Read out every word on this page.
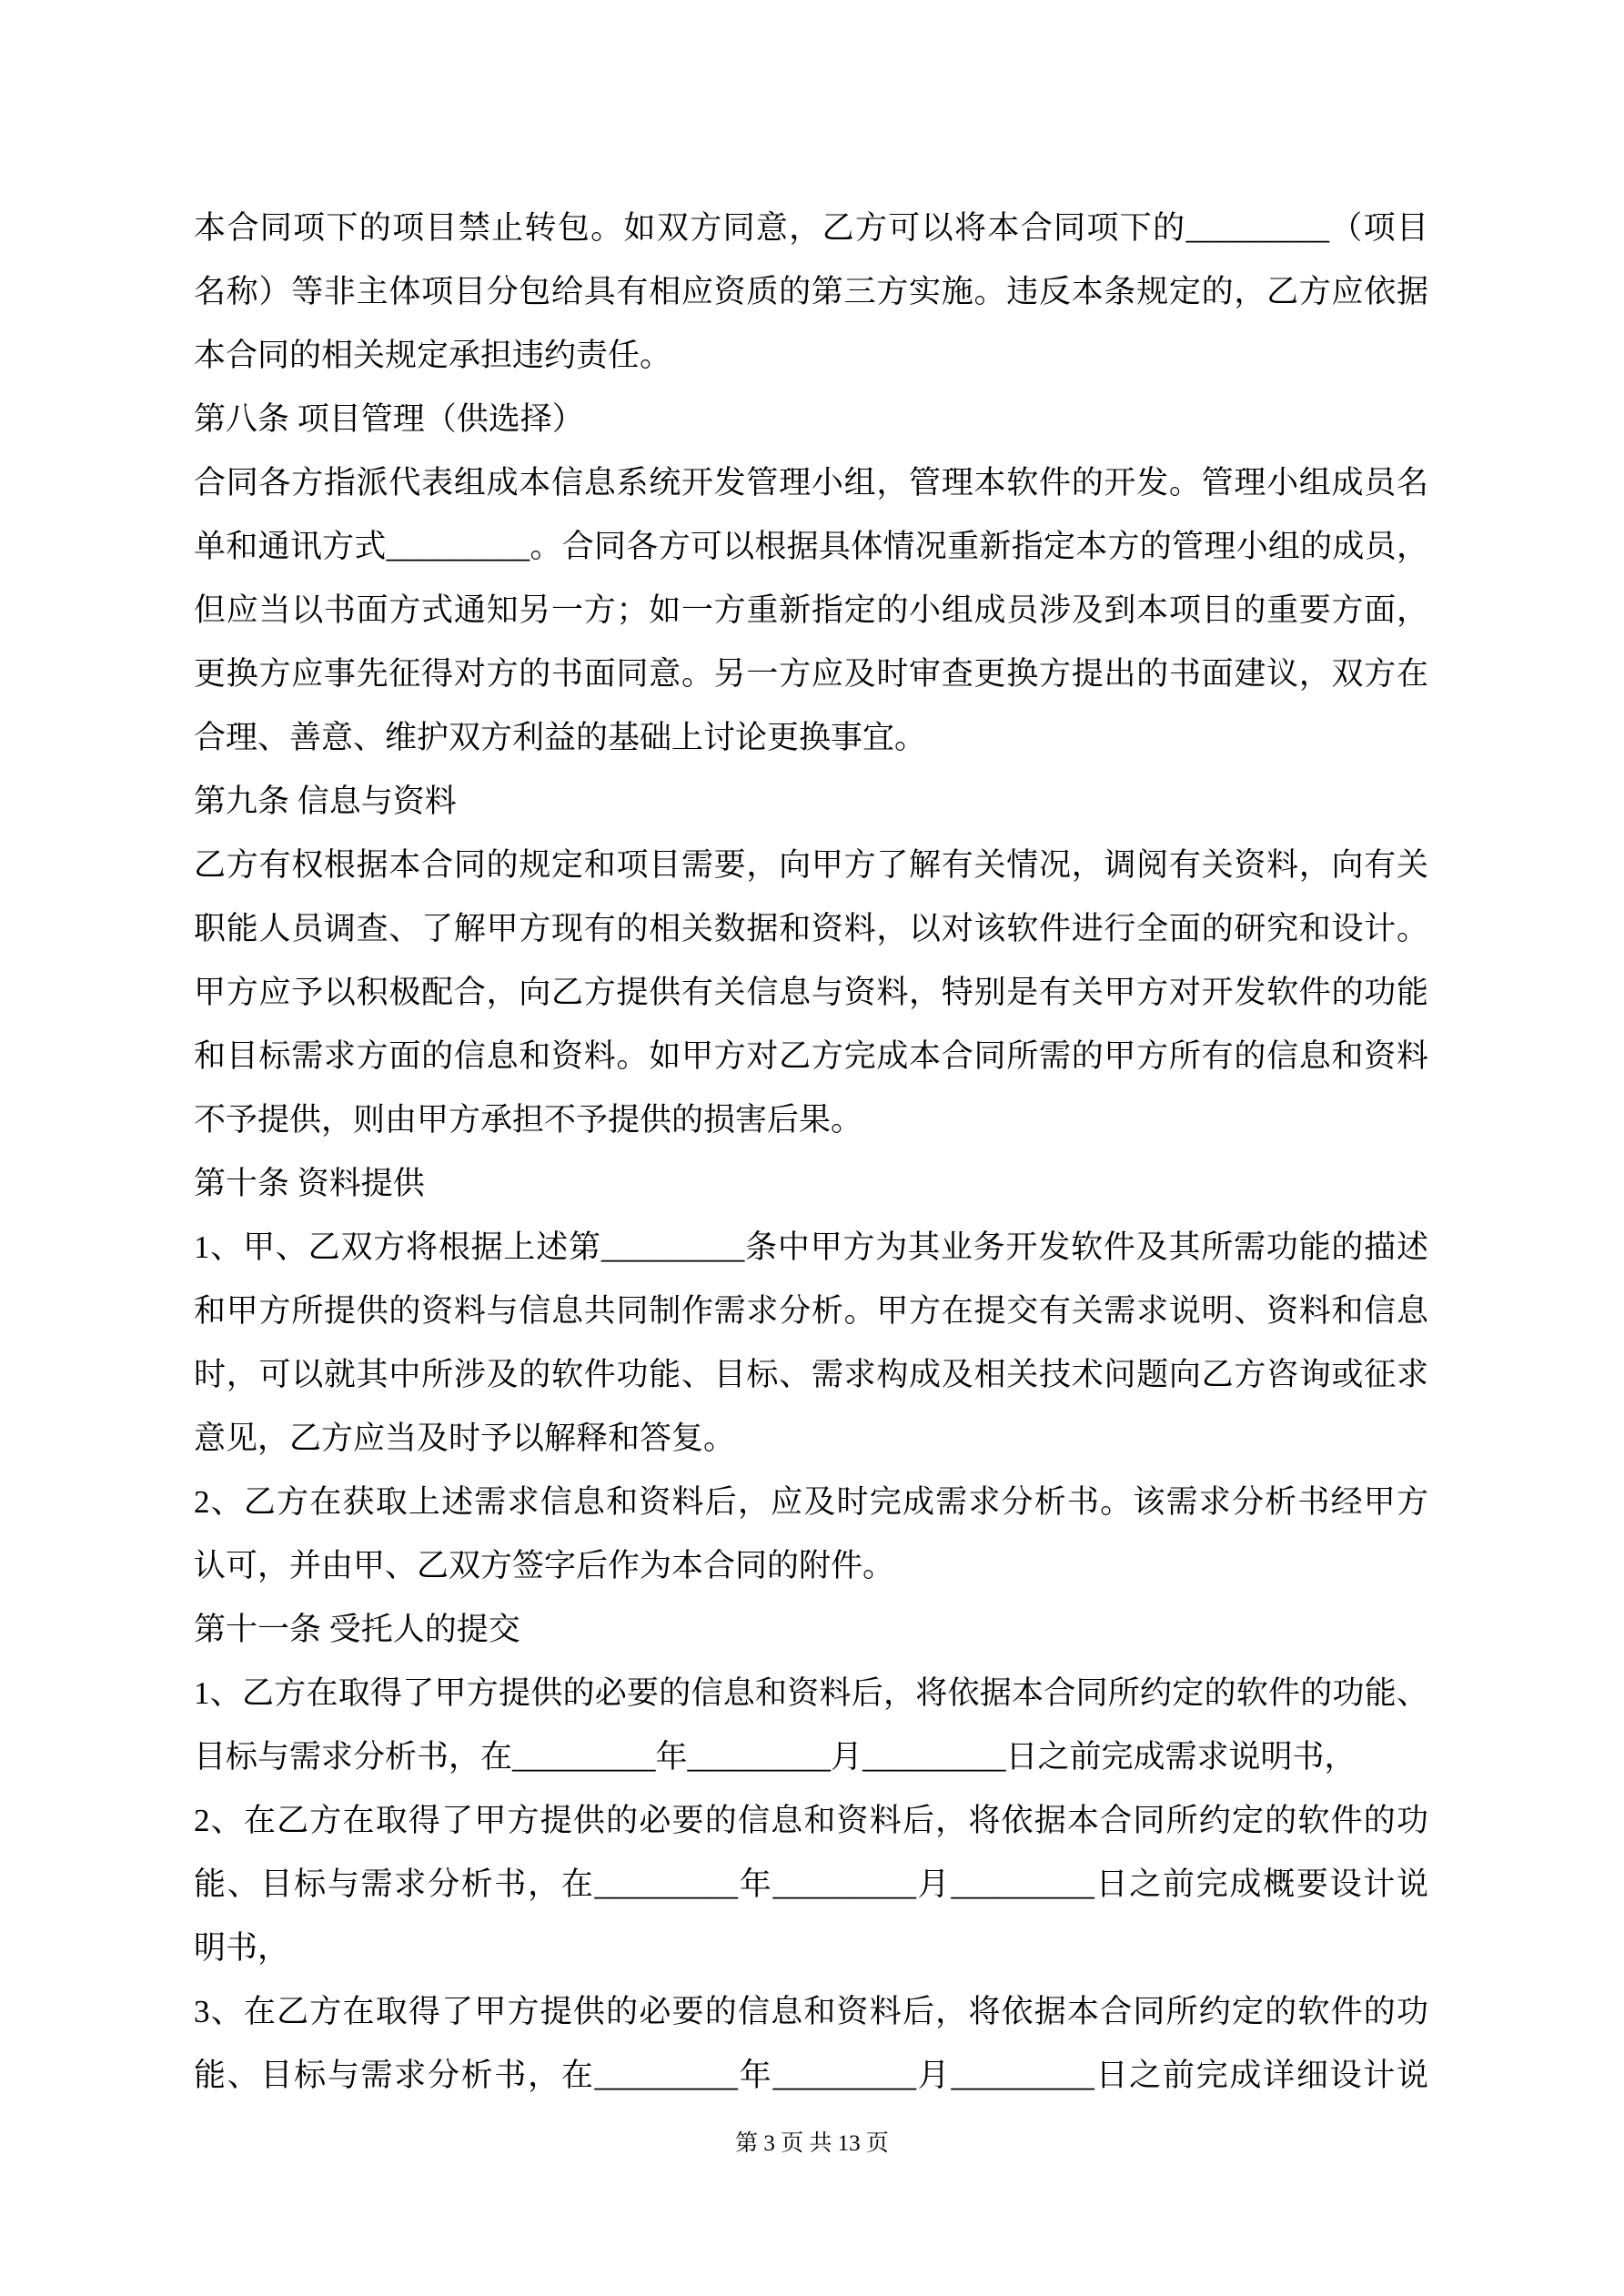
本合同项下的项目禁止转包。如双方同意，乙方可以将本合同项下的_________（项目
名称）等非主体项目分包给具有相应资质的第三方实施。违反本条规定的，乙方应依据
本合同的相关规定承担违约责任。
第八条 项目管理（供选择）
合同各方指派代表组成本信息系统开发管理小组，管理本软件的开发。管理小组成员名
单和通讯方式_________。合同各方可以根据具体情况重新指定本方的管理小组的成员，
但应当以书面方式通知另一方；如一方重新指定的小组成员涉及到本项目的重要方面，
更换方应事先征得对方的书面同意。另一方应及时审查更换方提出的书面建议，双方在
合理、善意、维护双方利益的基础上讨论更换事宜。
第九条 信息与资料
乙方有权根据本合同的规定和项目需要，向甲方了解有关情况，调阅有关资料，向有关
职能人员调查、了解甲方现有的相关数据和资料，以对该软件进行全面的研究和设计。
甲方应予以积极配合，向乙方提供有关信息与资料，特别是有关甲方对开发软件的功能
和目标需求方面的信息和资料。如甲方对乙方完成本合同所需的甲方所有的信息和资料
不予提供，则由甲方承担不予提供的损害后果。
第十条 资料提供
1、甲、乙双方将根据上述第_________条中甲方为其业务开发软件及其所需功能的描述
和甲方所提供的资料与信息共同制作需求分析。甲方在提交有关需求说明、资料和信息
时，可以就其中所涉及的软件功能、目标、需求构成及相关技术问题向乙方咨询或征求
意见，乙方应当及时予以解释和答复。
2、乙方在获取上述需求信息和资料后，应及时完成需求分析书。该需求分析书经甲方
认可，并由甲、乙双方签字后作为本合同的附件。
第十一条 受托人的提交
1、乙方在取得了甲方提供的必要的信息和资料后，将依据本合同所约定的软件的功能、
目标与需求分析书，在_________年_________月_________日之前完成需求说明书，
2、在乙方在取得了甲方提供的必要的信息和资料后，将依据本合同所约定的软件的功
能、目标与需求分析书，在_________年_________月_________日之前完成概要设计说
明书，
3、在乙方在取得了甲方提供的必要的信息和资料后，将依据本合同所约定的软件的功
能、目标与需求分析书，在_________年_________月_________日之前完成详细设计说
第 3 页 共 13 页
